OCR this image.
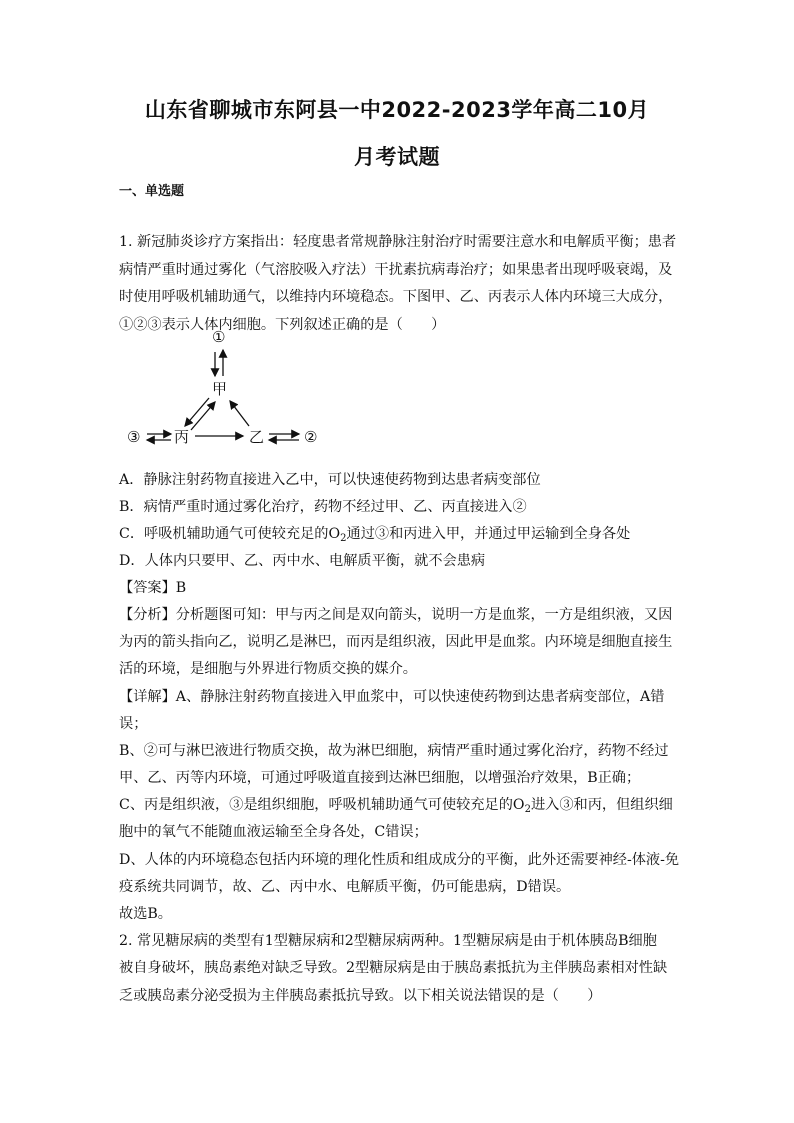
山东省聊城市东阿县一中2022-2023学年高二10月
月考试题
一、单选题
1. 新冠肺炎诊疗方案指出：轻度患者常规静脉注射治疗时需要注意水和电解质平衡；患者
病情严重时通过雾化（气溶胶吸入疗法）干扰素抗病毒治疗；如果患者出现呼吸衰竭，及
时使用呼吸机辅助通气，以维持内环境稳态。下图甲、乙、丙表示人体内环境三大成分，
①②③表示人体内细胞。下列叙述正确的是（　　）
①
甲
丙	乙
③	②
A．静脉注射药物直接进入乙中，可以快速使药物到达患者病变部位
B．病情严重时通过雾化治疗，药物不经过甲、乙、丙直接进入②
C．呼吸机辅助通气可使较充足的$O_2$通过③和丙进入甲，并通过甲运输到全身各处
D．人体内只要甲、乙、丙中水、电解质平衡，就不会患病
【答案】B
【分析】分析题图可知：甲与丙之间是双向箭头，说明一方是血浆，一方是组织液，又因
为丙的箭头指向乙，说明乙是淋巴，而丙是组织液，因此甲是血浆。内环境是细胞直接生
活的环境，是细胞与外界进行物质交换的媒介。
【详解】A、静脉注射药物直接进入甲血浆中，可以快速使药物到达患者病变部位，A错
误；
B、②可与淋巴液进行物质交换，故为淋巴细胞，病情严重时通过雾化治疗，药物不经过
甲、乙、丙等内环境，可通过呼吸道直接到达淋巴细胞，以增强治疗效果，B正确；
C、丙是组织液，③是组织细胞，呼吸机辅助通气可使较充足的$O_2$进入③和丙，但组织细
胞中的氧气不能随血液运输至全身各处，C错误；
D、人体的内环境稳态包括内环境的理化性质和组成成分的平衡，此外还需要神经-体液-免
疫系统共同调节，故、乙、丙中水、电解质平衡，仍可能患病，D错误。
故选B。
2. 常见糖尿病的类型有1型糖尿病和2型糖尿病两种。1型糖尿病是由于机体胰岛B细胞
被自身破坏，胰岛素绝对缺乏导致。2型糖尿病是由于胰岛素抵抗为主伴胰岛素相对性缺
乏或胰岛素分泌受损为主伴胰岛素抵抗导致。以下相关说法错误的是（　　）
